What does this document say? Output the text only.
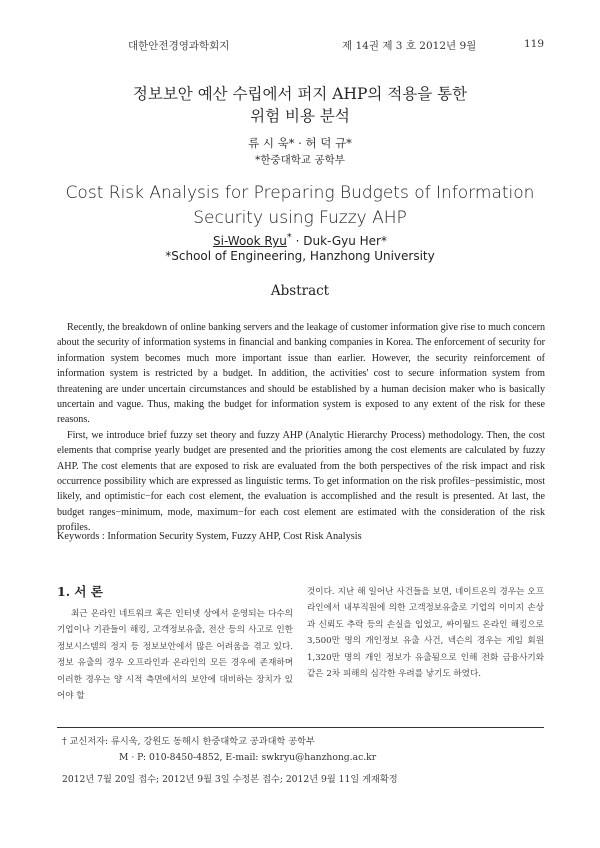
대한안전경영과학회지	제 14권 제 3 호 2012년 9월	119
정보보안 예산 수립에서 퍼지 AHP의 적용을 통한
위험 비용 분석
류 시 욱* · 허 덕 규*
*한중대학교 공학부
Cost Risk Analysis for Preparing Budgets of Information
Security using Fuzzy AHP
Si-Wook Ryu* · Duk-Gyu Her*
*School of Engineering, Hanzhong University
Abstract

Recently, the breakdown of online banking servers and the leakage of customer information give rise to much concern about the security of information systems in financial and banking companies in Korea. The enforcement of security for information system becomes much more important issue than earlier. However, the security reinforcement of information system is restricted by a budget. In addition, the activities' cost to secure information system from threatening are under uncertain circumstances and should be established by a human decision maker who is basically uncertain and vague. Thus, making the budget for information system is exposed to any extent of the risk for these reasons.

First, we introduce brief fuzzy set theory and fuzzy AHP (Analytic Hierarchy Process) methodology. Then, the cost elements that comprise yearly budget are presented and the priorities among the cost elements are calculated by fuzzy AHP. The cost elements that are exposed to risk are evaluated from the both perspectives of the risk impact and risk occurrence possibility which are expressed as linguistic terms. To get information on the risk profiles−pessimistic, most likely, and optimistic−for each cost element, the evaluation is accomplished and the result is presented. At last, the budget ranges−minimum, mode, maximum−for each cost element are estimated with the consideration of the risk profiles.

Keywords : Information Security System, Fuzzy AHP, Cost Risk Analysis
1. 서 론
최근 온라인 네트워크 혹은 인터넷 상에서 운영되는 다수의 기업이나 기관들이 해킹, 고객정보유출, 전산 등의 사고로 인한 정보시스템의 정지 등 정보보안에서 많은 어려움을 겪고 있다. 정보 유출의 경우 오프라인과 온라인의 모든 경우에 존재하며 이러한 경우는 양 시적 측면에서의 보안에 대비하는 장치가 있어야 할
것이다. 지난 해 일어난 사건들을 보면, 네이트온의 경우는 오프라인에서 내부직원에 의한 고객정보유출로 기업의 이미지 손상과 신뢰도 추락 등의 손실을 입었고, 싸이월드 온라인 해킹으로 3,500만 명의 개인정보 유출 사건, 넥슨의 경우는 게임 회원 1,320만 명의 개인 정보가 유출됨으로 인해 전화 금융사기와 같은 2차 피해의 심각한 우려를 낳기도 하였다.
† 교신저자: 류시욱, 강원도 동해시 한중대학교 공과대학 공학부
M · P: 010-8450-4852, E-mail: swkryu@hanzhong.ac.kr
2012년 7월 20일 접수; 2012년 9월 3일 수정본 접수; 2012년 9월 11일 게재확정
